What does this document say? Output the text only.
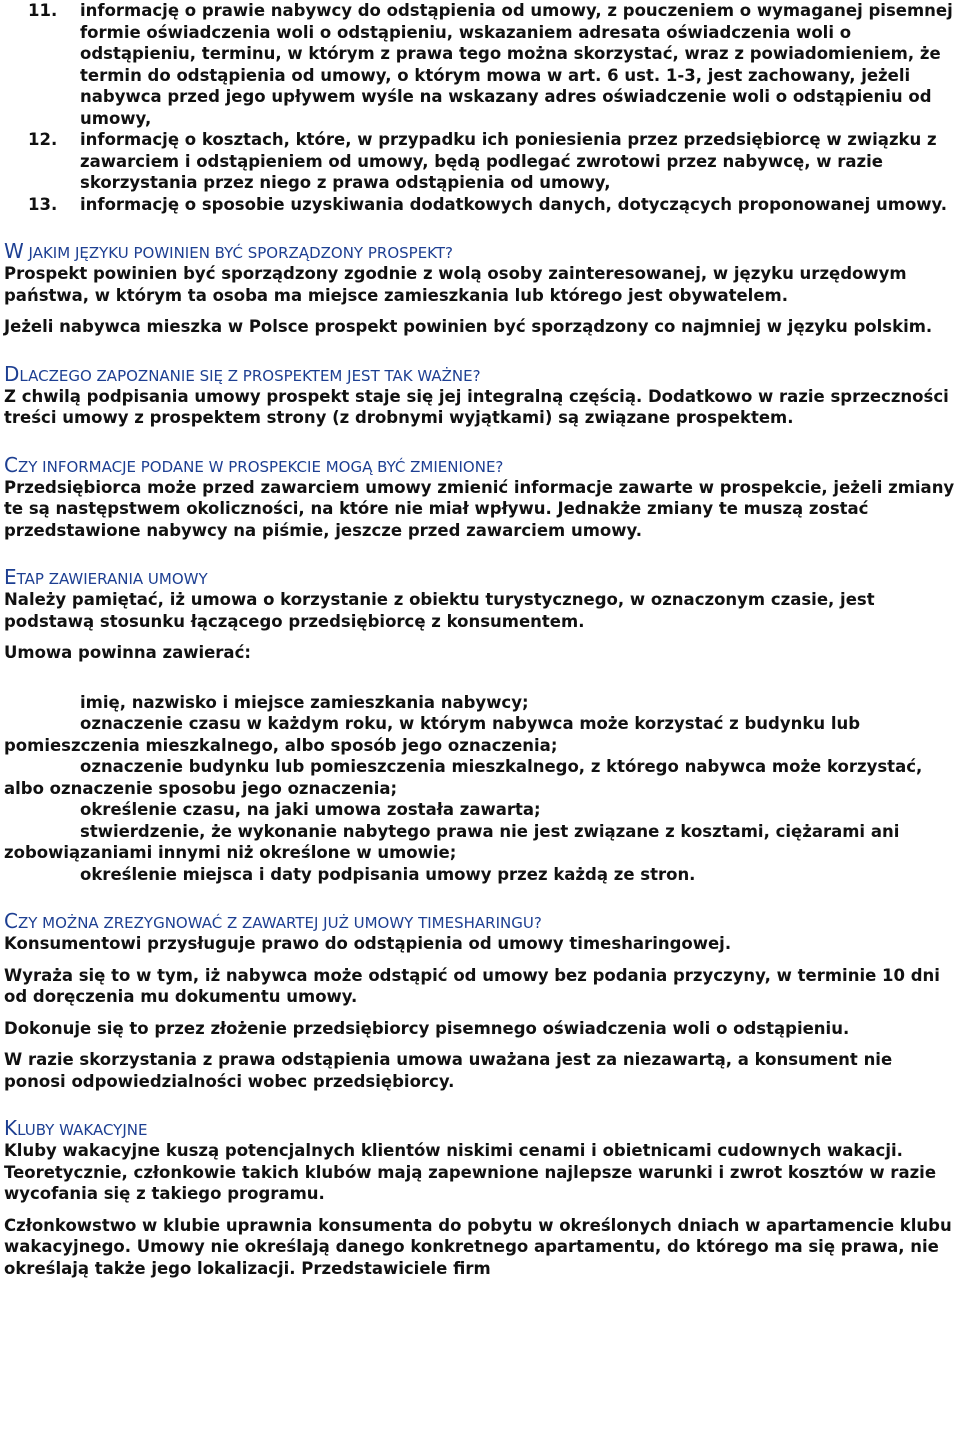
11. informację o prawie nabywcy do odstąpienia od umowy, z pouczeniem o wymaganej pisemnej formie oświadczenia woli o odstąpieniu, wskazaniem adresata oświadczenia woli o odstąpieniu, terminu, w którym z prawa tego można skorzystać, wraz z powiadomieniem, że termin do odstąpienia od umowy, o którym mowa w art. 6 ust. 1-3, jest zachowany, jeżeli nabywca przed jego upływem wyśle na wskazany adres oświadczenie woli o odstąpieniu od umowy,
12. informację o kosztach, które, w przypadku ich poniesienia przez przedsiębiorcę w związku z zawarciem i odstąpieniem od umowy, będą podlegać zwrotowi przez nabywcę, w razie skorzystania przez niego z prawa odstąpienia od umowy,
13. informację o sposobie uzyskiwania dodatkowych danych, dotyczących proponowanej umowy.
W JAKIM JĘZYKU POWINIEN BYĆ SPORZĄDZONY PROSPEKT?

Prospekt powinien być sporządzony zgodnie z wolą osoby zainteresowanej, w języku urzędowym państwa, w którym ta osoba ma miejsce zamieszkania lub którego jest obywatelem.

Jeżeli nabywca mieszka w Polsce prospekt powinien być sporządzony co najmniej w języku polskim.

DLACZEGO ZAPOZNANIE SIĘ Z PROSPEKTEM JEST TAK WAŻNE?

Z chwilą podpisania umowy prospekt staje się jej integralną częścią. Dodatkowo w razie sprzeczności treści umowy z prospektem strony (z drobnymi wyjątkami) są związane prospektem.

CZY INFORMACJE PODANE W PROSPEKCIE MOGĄ BYĆ ZMIENIONE?

Przedsiębiorca może przed zawarciem umowy zmienić informacje zawarte w prospekcie, jeżeli zmiany te są następstwem okoliczności, na które nie miał wpływu. Jednakże zmiany te muszą zostać przedstawione nabywcy na piśmie, jeszcze przed zawarciem umowy.

ETAP ZAWIERANIA UMOWY

Należy pamiętać, iż umowa o korzystanie z obiektu turystycznego, w oznaczonym czasie, jest podstawą stosunku łączącego przedsiębiorcę z konsumentem.

Umowa powinna zawierać:

imię, nazwisko i miejsce zamieszkania nabywcy;
oznaczenie czasu w każdym roku, w którym nabywca może korzystać z budynku lub pomieszczenia mieszkalnego, albo sposób jego oznaczenia;
oznaczenie budynku lub pomieszczenia mieszkalnego, z którego nabywca może korzystać, albo oznaczenie sposobu jego oznaczenia;
określenie czasu, na jaki umowa została zawarta;
stwierdzenie, że wykonanie nabytego prawa nie jest związane z kosztami, ciężarami ani zobowiązaniami innymi niż określone w umowie;
określenie miejsca i daty podpisania umowy przez każdą ze stron.
CZY MOŻNA ZREZYGNOWAĆ Z ZAWARTEJ JUŻ UMOWY TIMESHARINGU?

Konsumentowi przysługuje prawo do odstąpienia od umowy timesharingowej.

Wyraża się to w tym, iż nabywca może odstąpić od umowy bez podania przyczyny, w terminie 10 dni od doręczenia mu dokumentu umowy.

Dokonuje się to przez złożenie przedsiębiorcy pisemnego oświadczenia woli o odstąpieniu.

W razie skorzystania z prawa odstąpienia umowa uważana jest za niezawartą, a konsument nie ponosi odpowiedzialności wobec przedsiębiorcy.

KLUBY WAKACYJNE

Kluby wakacyjne kuszą potencjalnych klientów niskimi cenami i obietnicami cudownych wakacji. Teoretycznie, członkowie takich klubów mają zapewnione najlepsze warunki i zwrot kosztów w razie wycofania się z takiego programu.

Członkowstwo w klubie uprawnia konsumenta do pobytu w określonych dniach w apartamencie klubu wakacyjnego. Umowy nie określają danego konkretnego apartamentu, do którego ma się prawa, nie określają także jego lokalizacji. Przedstawiciele firm
